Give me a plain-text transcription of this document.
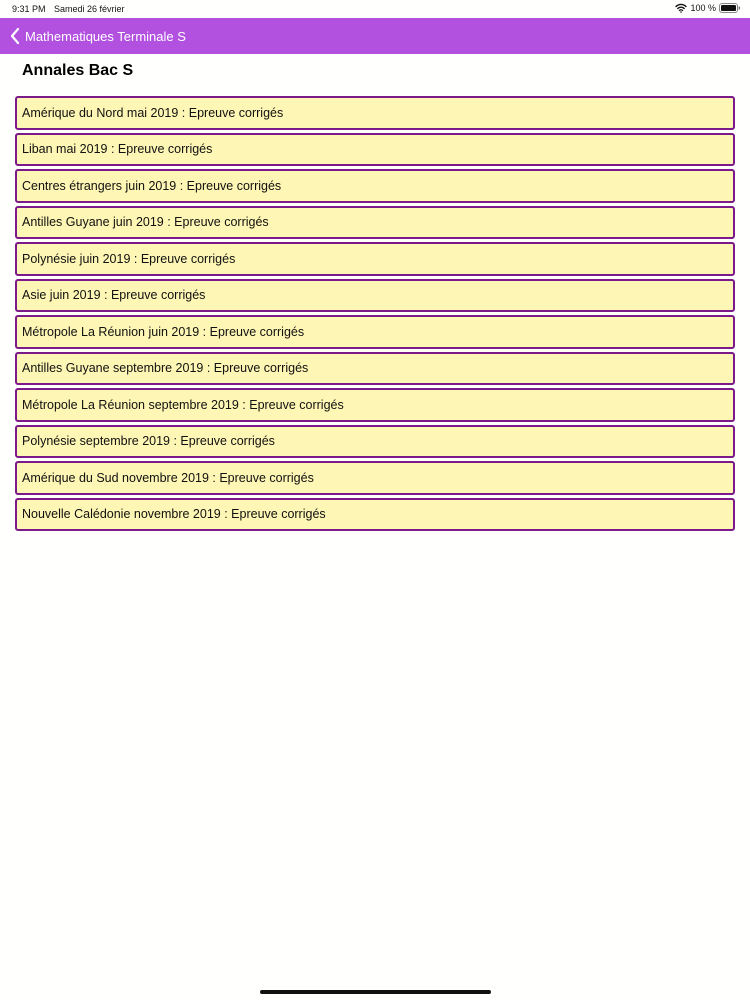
9:31 PM Samedi 26 février	100 %
Mathematiques Terminale S
Annales Bac S
Amérique du Nord mai 2019 : Epreuve corrigés
Liban mai 2019 : Epreuve corrigés
Centres étrangers juin 2019 : Epreuve corrigés
Antilles Guyane juin 2019 : Epreuve corrigés
Polynésie juin 2019 : Epreuve corrigés
Asie juin 2019 : Epreuve corrigés
Métropole La Réunion juin 2019 : Epreuve corrigés
Antilles Guyane septembre 2019 : Epreuve corrigés
Métropole La Réunion septembre 2019 : Epreuve corrigés
Polynésie septembre 2019 : Epreuve corrigés
Amérique du Sud novembre 2019 : Epreuve corrigés
Nouvelle Calédonie novembre 2019 : Epreuve corrigés
